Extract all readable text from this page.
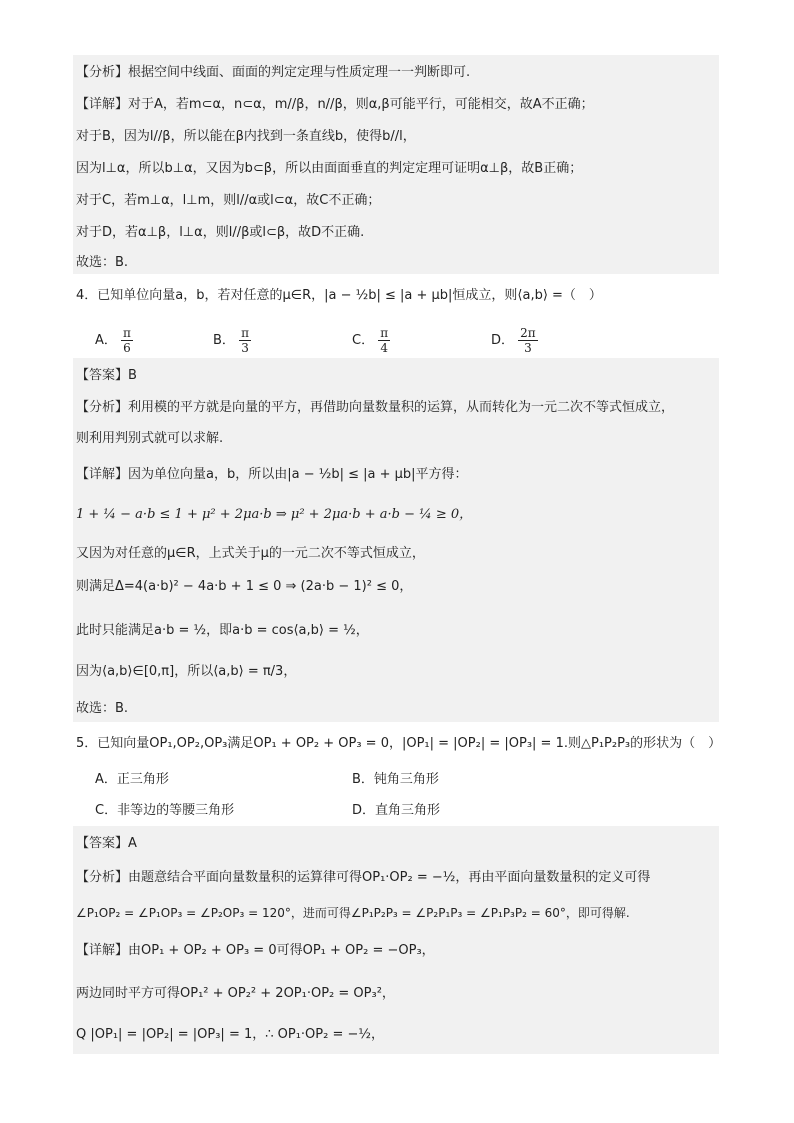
【分析】根据空间中线面、面面的判定定理与性质定理一一判断即可.
【详解】对于A，若m⊂α，n⊂α，m//β，n//β，则α,β可能平行，可能相交，故A不正确；
对于B，因为l//β，所以能在β内找到一条直线b，使得b//l，
因为l⊥α，所以b⊥α，又因为b⊂β，所以由面面垂直的判定定理可证明α⊥β，故B正确；
对于C，若m⊥α，l⊥m，则l//α或l⊂α，故C不正确；
对于D，若α⊥β，l⊥α，则l//β或l⊂β，故D不正确.
故选：B.
4．已知单位向量a，b，若对任意的μ∈R，|a − ½b| ≤ |a + μb|恒成立，则⟨a,b⟩ =（　）
A． $\frac{\pi}{6}$	B． $\frac{\pi}{3}$	C． $\frac{\pi}{4}$	D． $\frac{2\pi}{3}$
【答案】B
【分析】利用模的平方就是向量的平方，再借助向量数量积的运算，从而转化为一元二次不等式恒成立，
则利用判别式就可以求解.
【详解】因为单位向量a，b，所以由|a − ½b| ≤ |a + μb|平方得：
1 + ¼ − a·b ≤ 1 + μ² + 2μa·b ⇒ μ² + 2μa·b + a·b − ¼ ≥ 0，
又因为对任意的μ∈R，上式关于μ的一元二次不等式恒成立，
则满足Δ=4(a·b)² − 4a·b + 1 ≤ 0 ⇒ (2a·b − 1)² ≤ 0，
此时只能满足a·b = ½，即a·b = cos⟨a,b⟩ = ½，
因为⟨a,b⟩∈[0,π]，所以⟨a,b⟩ = π/3，
故选：B.
5．已知向量OP₁,OP₂,OP₃满足OP₁ + OP₂ + OP₃ = 0，|OP₁| = |OP₂| = |OP₃| = 1.则△P₁P₂P₃的形状为（　）
A．正三角形	B．钝角三角形
C．非等边的等腰三角形	D．直角三角形
【答案】A
【分析】由题意结合平面向量数量积的运算律可得OP₁·OP₂ = −½，再由平面向量数量积的定义可得
∠P₁OP₂ = ∠P₁OP₃ = ∠P₂OP₃ = 120°，进而可得∠P₁P₂P₃ = ∠P₂P₁P₃ = ∠P₁P₃P₂ = 60°，即可得解.
【详解】由OP₁ + OP₂ + OP₃ = 0可得OP₁ + OP₂ = −OP₃，
两边同时平方可得OP₁² + OP₂² + 2OP₁·OP₂ = OP₃²，
Q |OP₁| = |OP₂| = |OP₃| = 1，∴ OP₁·OP₂ = −½，
